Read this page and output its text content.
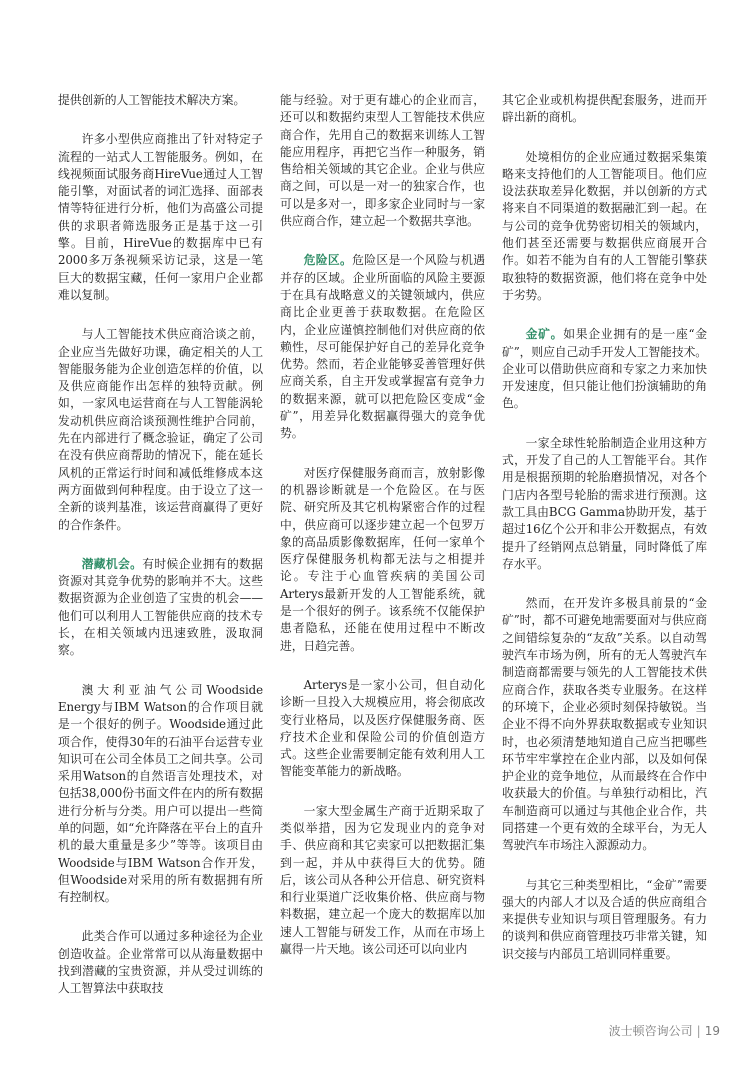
提供创新的人工智能技术解决方案。

许多小型供应商推出了针对特定子流程的一站式人工智能服务。例如，在线视频面试服务商HireVue通过人工智能引擎，对面试者的词汇选择、面部表情等特征进行分析，他们为高盛公司提供的求职者筛选服务正是基于这一引擎。目前，HireVue的数据库中已有2000多万条视频采访记录，这是一笔巨大的数据宝藏，任何一家用户企业都难以复制。

与人工智能技术供应商洽谈之前，企业应当先做好功课，确定相关的人工智能服务能为企业创造怎样的价值，以及供应商能作出怎样的独特贡献。例如，一家风电运营商在与人工智能涡轮发动机供应商洽谈预测性维护合同前，先在内部进行了概念验证，确定了公司在没有供应商帮助的情况下，能在延长风机的正常运行时间和减低维修成本这两方面做到何种程度。由于设立了这一全新的谈判基准，该运营商赢得了更好的合作条件。

潜藏机会。有时候企业拥有的数据资源对其竞争优势的影响并不大。这些数据资源为企业创造了宝贵的机会——他们可以利用人工智能供应商的技术专长，在相关领域内迅速致胜，汲取洞察。

澳大利亚油气公司Woodside Energy与IBM Watson的合作项目就是一个很好的例子。Woodside通过此项合作，使得30年的石油平台运营专业知识可在公司全体员工之间共享。公司采用Watson的自然语言处理技术，对包括38,000份书面文件在内的所有数据进行分析与分类。用户可以提出一些简单的问题，如“允许降落在平台上的直升机的最大重量是多少”等等。该项目由Woodside与IBM Watson合作开发，但Woodside对采用的所有数据拥有所有控制权。

此类合作可以通过多种途径为企业创造收益。企业常常可以从海量数据中找到潜藏的宝贵资源，并从受过训练的人工智算法中获取技

能与经验。对于更有雄心的企业而言，还可以和数据约束型人工智能技术供应商合作，先用自己的数据来训练人工智能应用程序，再把它当作一种服务，销售给相关领域的其它企业。企业与供应商之间，可以是一对一的独家合作，也可以是多对一，即多家企业同时与一家供应商合作，建立起一个数据共享池。

危险区。危险区是一个风险与机遇并存的区域。企业所面临的风险主要源于在具有战略意义的关键领域内，供应商比企业更善于获取数据。在危险区内，企业应谨慎控制他们对供应商的依赖性，尽可能保护好自己的差异化竞争优势。然而，若企业能够妥善管理好供应商关系，自主开发或掌握富有竞争力的数据来源，就可以把危险区变成“金矿”，用差异化数据赢得强大的竞争优势。

对医疗保健服务商而言，放射影像的机器诊断就是一个危险区。在与医院、研究所及其它机构紧密合作的过程中，供应商可以逐步建立起一个包罗万象的高品质影像数据库，任何一家单个医疗保健服务机构都无法与之相提并论。专注于心血管疾病的美国公司Arterys最新开发的人工智能系统，就是一个很好的例子。该系统不仅能保护患者隐私，还能在使用过程中不断改进，日趋完善。

Arterys是一家小公司，但自动化诊断一旦投入大规模应用，将会彻底改变行业格局，以及医疗保健服务商、医疗技术企业和保险公司的价值创造方式。这些企业需要制定能有效利用人工智能变革能力的新战略。

一家大型金属生产商于近期采取了类似举措，因为它发现业内的竞争对手、供应商和其它卖家可以把数据汇集到一起，并从中获得巨大的优势。随后，该公司从各种公开信息、研究资料和行业渠道广泛收集价格、供应商与物料数据，建立起一个庞大的数据库以加速人工智能与研发工作，从而在市场上赢得一片天地。该公司还可以向业内

其它企业或机构提供配套服务，进而开辟出新的商机。

处境相仿的企业应通过数据采集策略来支持他们的人工智能项目。他们应设法获取差异化数据，并以创新的方式将来自不同渠道的数据融汇到一起。在与公司的竞争优势密切相关的领域内，他们甚至还需要与数据供应商展开合作。如若不能为自有的人工智能引擎获取独特的数据资源，他们将在竞争中处于劣势。

金矿。如果企业拥有的是一座“金矿”，则应自己动手开发人工智能技术。企业可以借助供应商和专家之力来加快开发速度，但只能让他们扮演辅助的角色。

一家全球性轮胎制造企业用这种方式，开发了自己的人工智能平台。其作用是根据预期的轮胎磨损情况，对各个门店内各型号轮胎的需求进行预测。这款工具由BCG Gamma协助开发，基于超过16亿个公开和非公开数据点，有效提升了经销网点总销量，同时降低了库存水平。

然而，在开发许多极具前景的“金矿”时，都不可避免地需要面对与供应商之间错综复杂的“友敌”关系。以自动驾驶汽车市场为例，所有的无人驾驶汽车制造商都需要与领先的人工智能技术供应商合作，获取各类专业服务。在这样的环境下，企业必须时刻保持敏锐。当企业不得不向外界获取数据或专业知识时，也必须清楚地知道自己应当把哪些环节牢牢掌控在企业内部，以及如何保护企业的竞争地位，从而最终在合作中收获最大的价值。与单独行动相比，汽车制造商可以通过与其他企业合作，共同搭建一个更有效的全球平台，为无人驾驶汽车市场注入源源动力。

与其它三种类型相比，“金矿”需要强大的内部人才以及合适的供应商组合来提供专业知识与项目管理服务。有力的谈判和供应商管理技巧非常关键，知识交接与内部员工培训同样重要。

波士顿咨询公司 | 19
